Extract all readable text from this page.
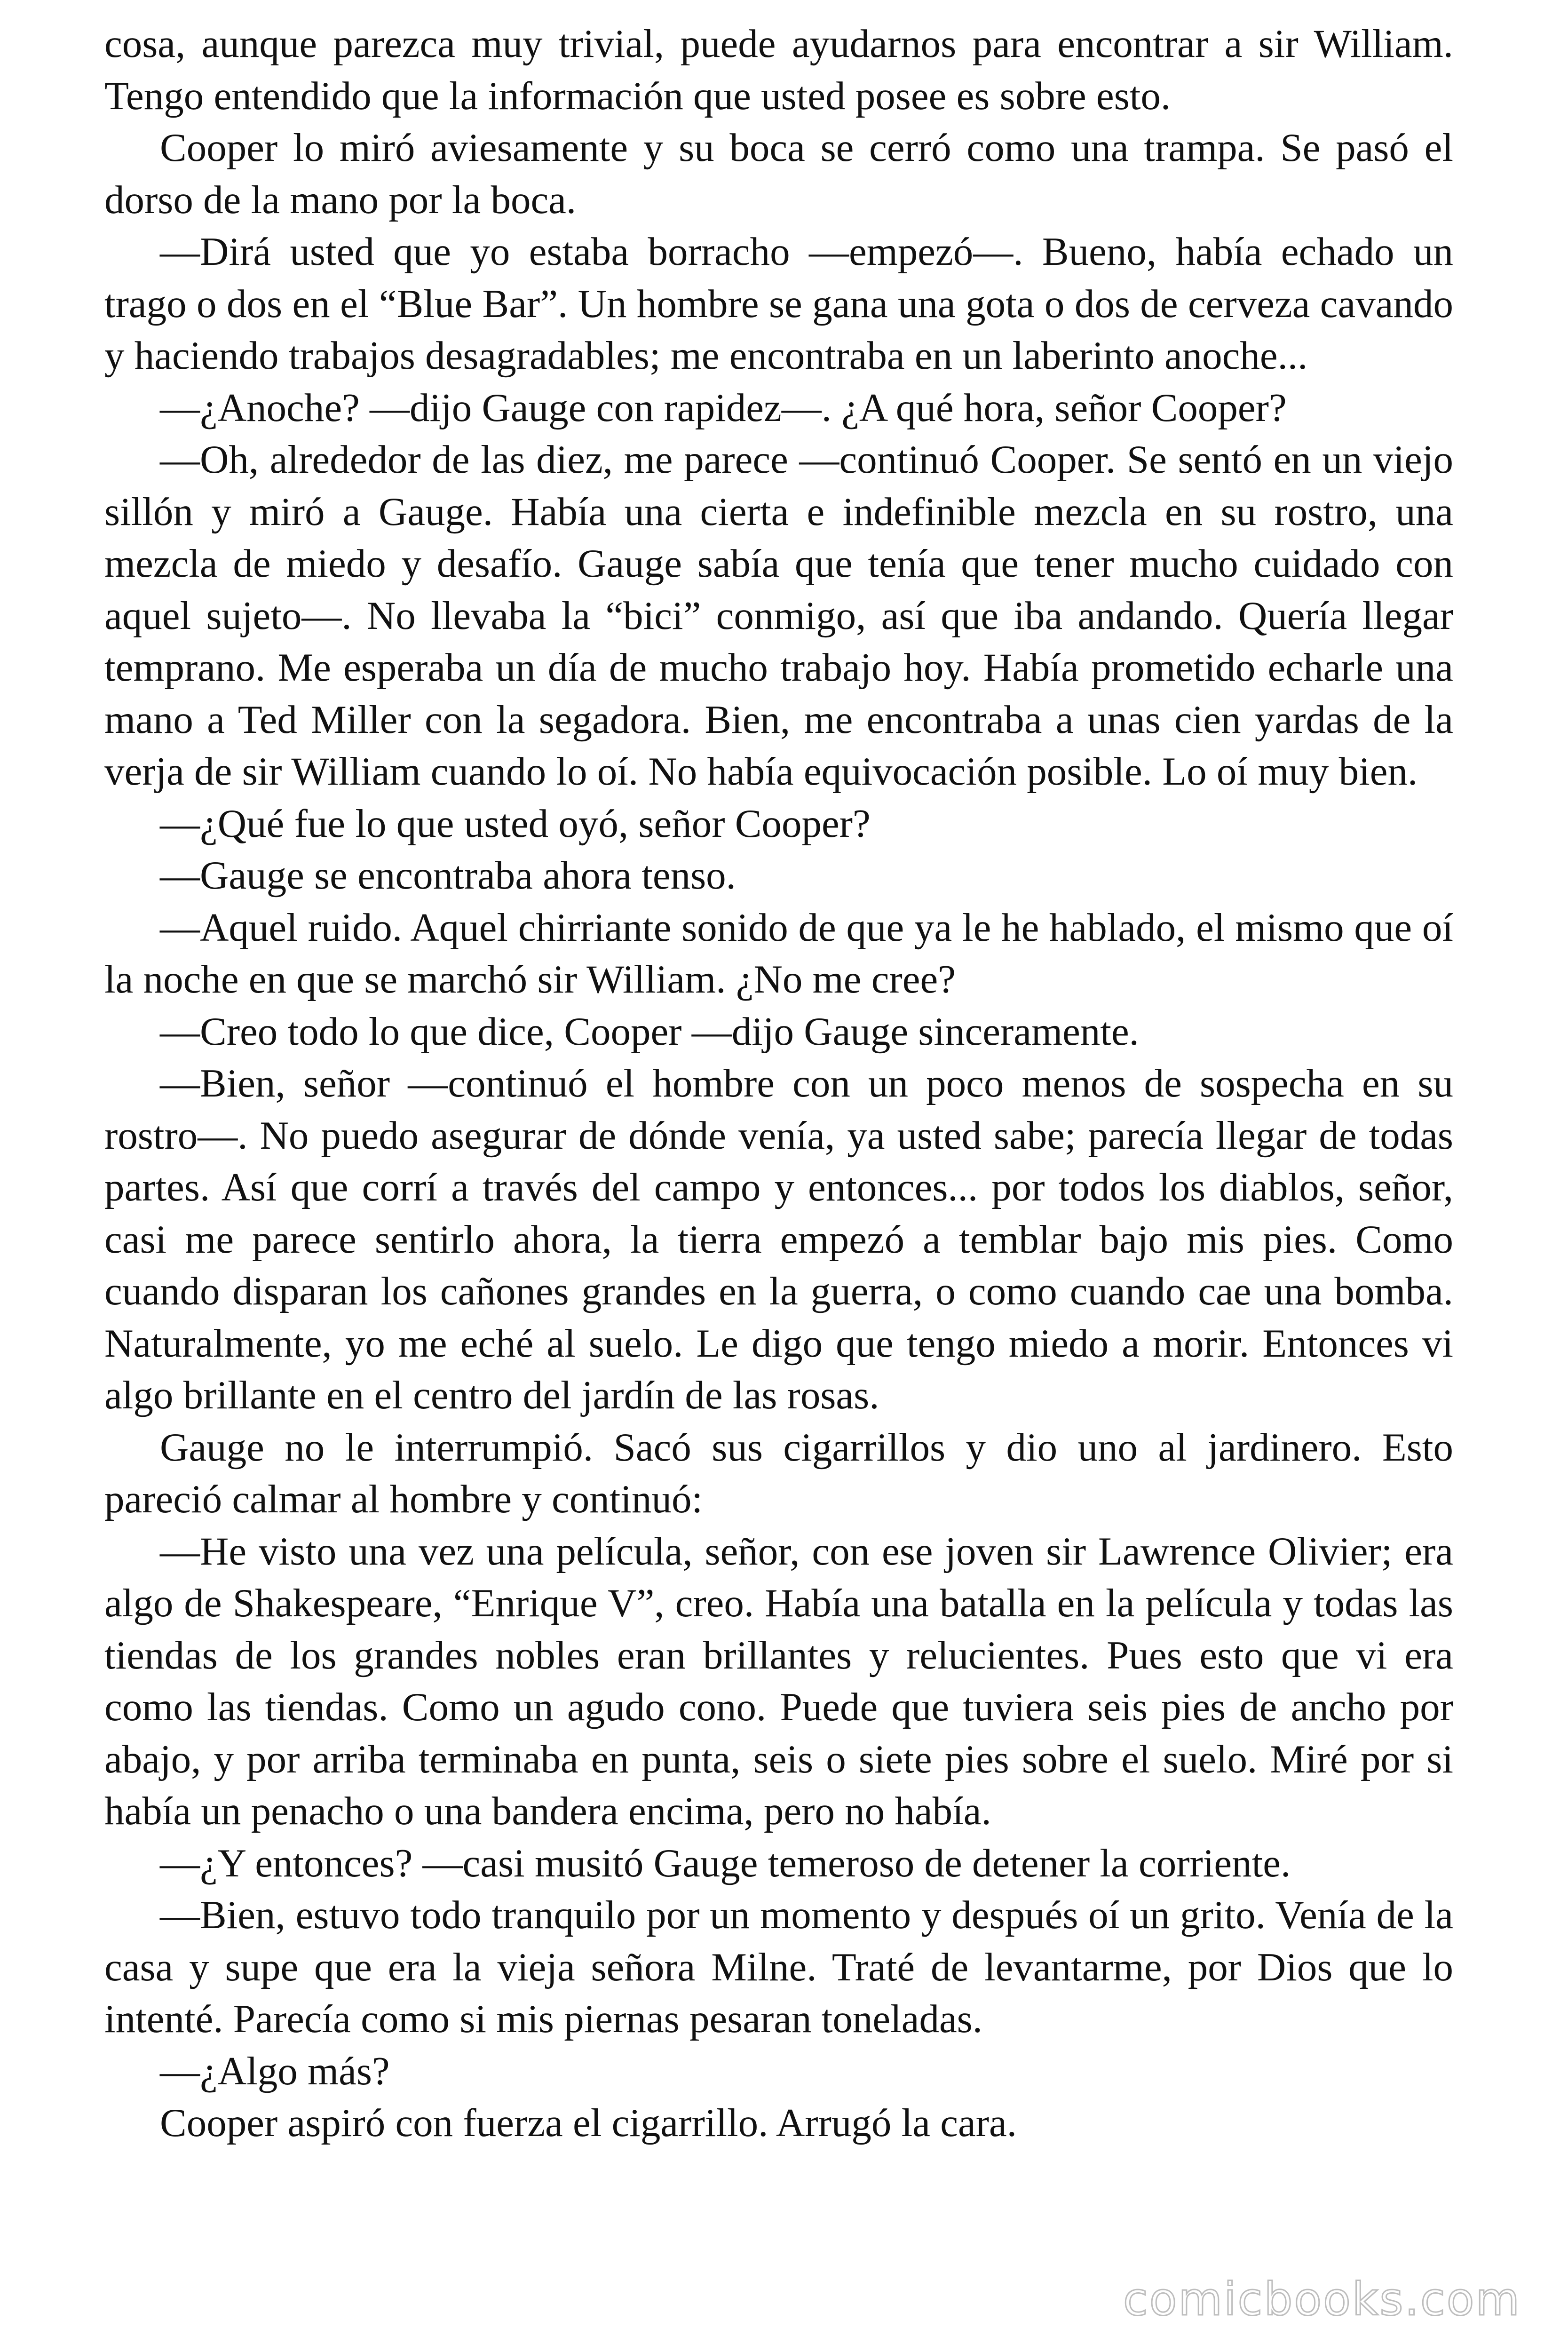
cosa, aunque parezca muy trivial, puede ayudarnos para encontrar a sir William. Tengo entendido que la información que usted posee es sobre esto.

Cooper lo miró aviesamente y su boca se cerró como una trampa. Se pasó el dorso de la mano por la boca.

—Dirá usted que yo estaba borracho —empezó—. Bueno, había echado un trago o dos en el “Blue Bar”. Un hombre se gana una gota o dos de cerveza cavando y haciendo trabajos desagradables; me encontraba en un laberinto anoche...

—¿Anoche? —dijo Gauge con rapidez—. ¿A qué hora, señor Cooper?

—Oh, alrededor de las diez, me parece —continuó Cooper. Se sentó en un viejo sillón y miró a Gauge. Había una cierta e indefinible mezcla en su rostro, una mezcla de miedo y desafío. Gauge sabía que tenía que tener mucho cuidado con aquel sujeto—. No llevaba la “bici” conmigo, así que iba andando. Quería llegar temprano. Me esperaba un día de mucho trabajo hoy. Había prometido echarle una mano a Ted Miller con la segadora. Bien, me encontraba a unas cien yardas de la verja de sir William cuando lo oí. No había equivocación posible. Lo oí muy bien.

—¿Qué fue lo que usted oyó, señor Cooper?

—Gauge se encontraba ahora tenso.

—Aquel ruido. Aquel chirriante sonido de que ya le he hablado, el mismo que oí la noche en que se marchó sir William. ¿No me cree?

—Creo todo lo que dice, Cooper —dijo Gauge sinceramente.

—Bien, señor —continuó el hombre con un poco menos de sospecha en su rostro—. No puedo asegurar de dónde venía, ya usted sabe; parecía llegar de todas partes. Así que corrí a través del campo y entonces... por todos los diablos, señor, casi me parece sentirlo ahora, la tierra empezó a temblar bajo mis pies. Como cuando disparan los cañones grandes en la guerra, o como cuando cae una bomba. Naturalmente, yo me eché al suelo. Le digo que tengo miedo a morir. Entonces vi algo brillante en el centro del jardín de las rosas.

Gauge no le interrumpió. Sacó sus cigarrillos y dio uno al jardinero. Esto pareció calmar al hombre y continuó:

—He visto una vez una película, señor, con ese joven sir Lawrence Olivier; era algo de Shakespeare, “Enrique V”, creo. Había una batalla en la película y todas las tiendas de los grandes nobles eran brillantes y relucientes. Pues esto que vi era como las tiendas. Como un agudo cono. Puede que tuviera seis pies de ancho por abajo, y por arriba terminaba en punta, seis o siete pies sobre el suelo. Miré por si había un penacho o una bandera encima, pero no había.

—¿Y entonces? —casi musitó Gauge temeroso de detener la corriente.

—Bien, estuvo todo tranquilo por un momento y después oí un grito. Venía de la casa y supe que era la vieja señora Milne. Traté de levantarme, por Dios que lo intenté. Parecía como si mis piernas pesaran toneladas.

—¿Algo más?

Cooper aspiró con fuerza el cigarrillo. Arrugó la cara.

comicbooks.com
